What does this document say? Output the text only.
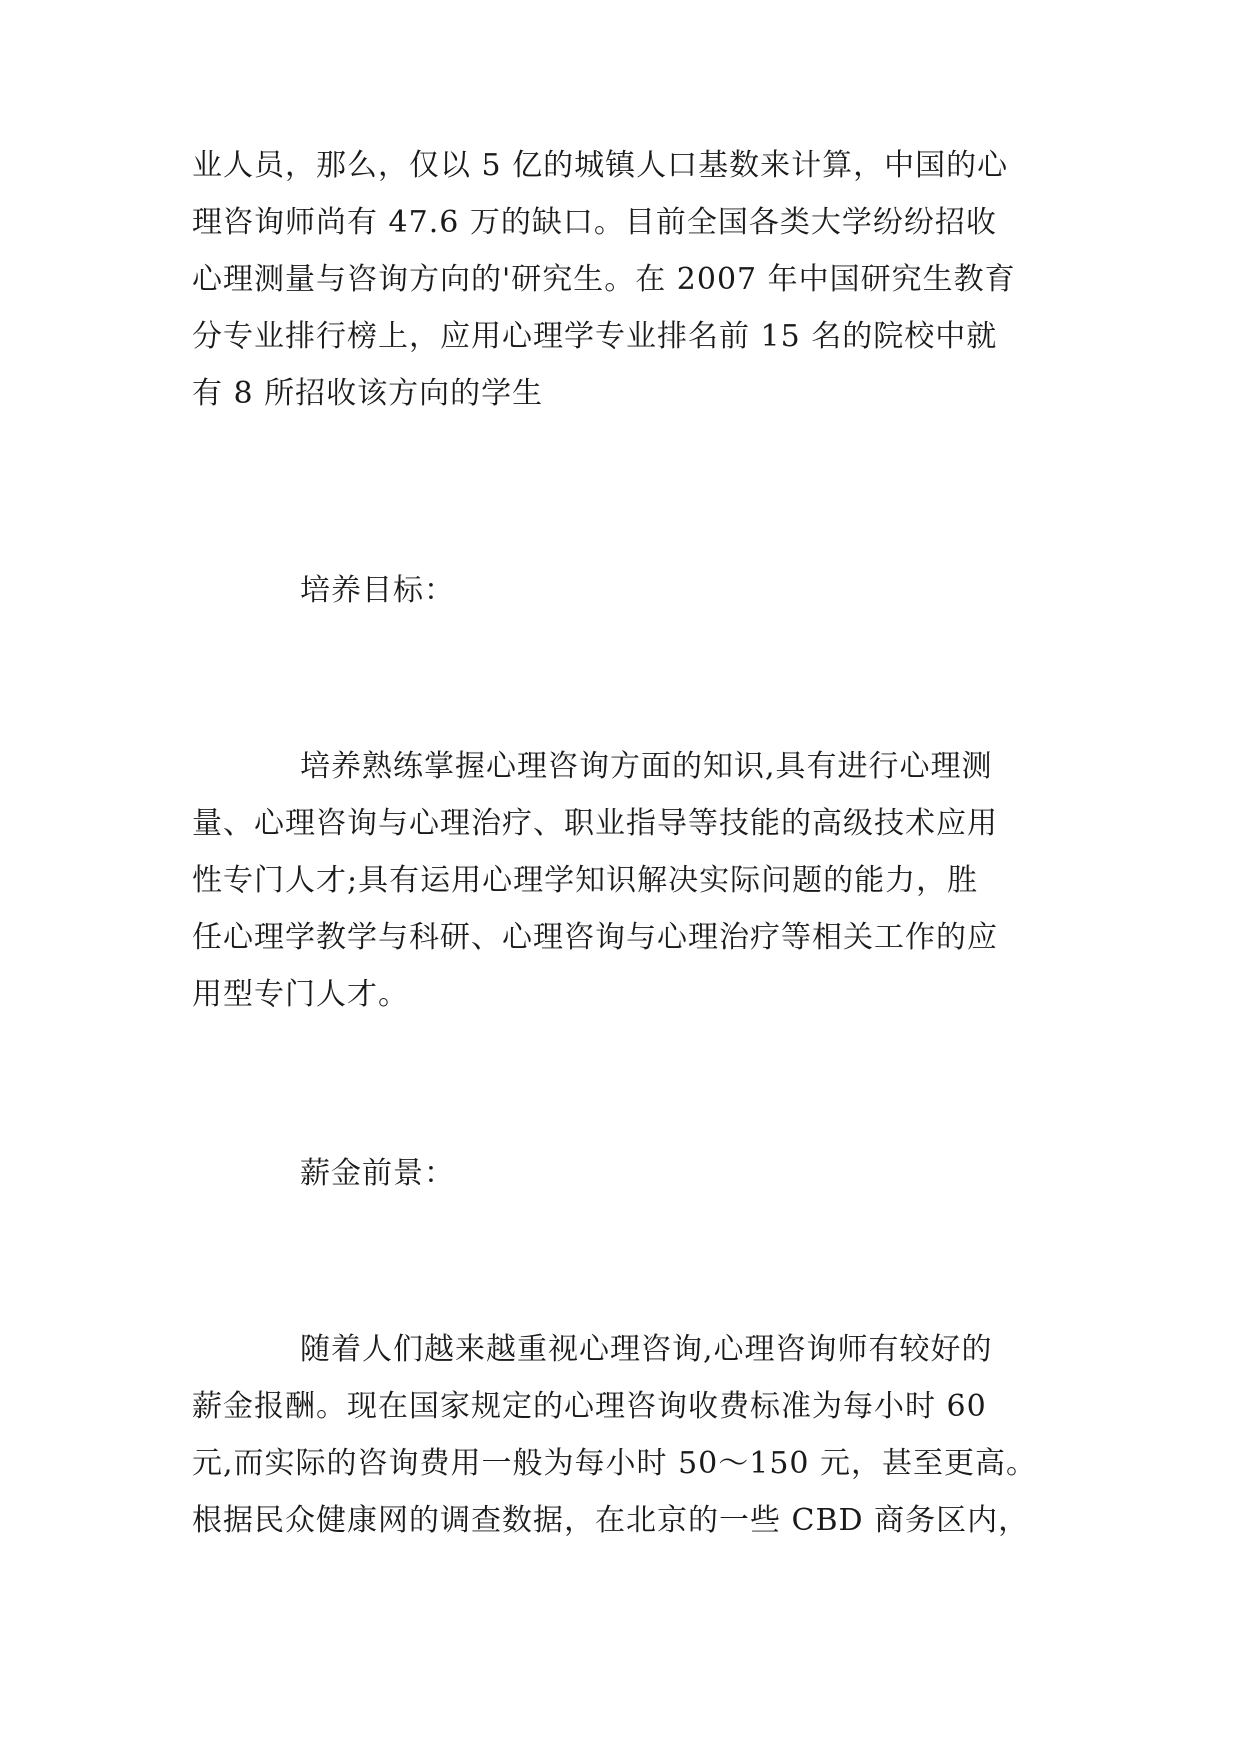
业人员，那么，仅以 5 亿的城镇人口基数来计算，中国的心
理咨询师尚有 47.6 万的缺口。目前全国各类大学纷纷招收
心理测量与咨询方向的'研究生。在 2007 年中国研究生教育
分专业排行榜上，应用心理学专业排名前 15 名的院校中就
有 8 所招收该方向的学生
培养目标：
培养熟练掌握心理咨询方面的知识,具有进行心理测
量、心理咨询与心理治疗、职业指导等技能的高级技术应用
性专门人才;具有运用心理学知识解决实际问题的能力，胜
任心理学教学与科研、心理咨询与心理治疗等相关工作的应
用型专门人才。
薪金前景：
随着人们越来越重视心理咨询,心理咨询师有较好的
薪金报酬。现在国家规定的心理咨询收费标准为每小时 60
元,而实际的咨询费用一般为每小时 50～150 元，甚至更高。
根据民众健康网的调查数据，在北京的一些 CBD 商务区内，
